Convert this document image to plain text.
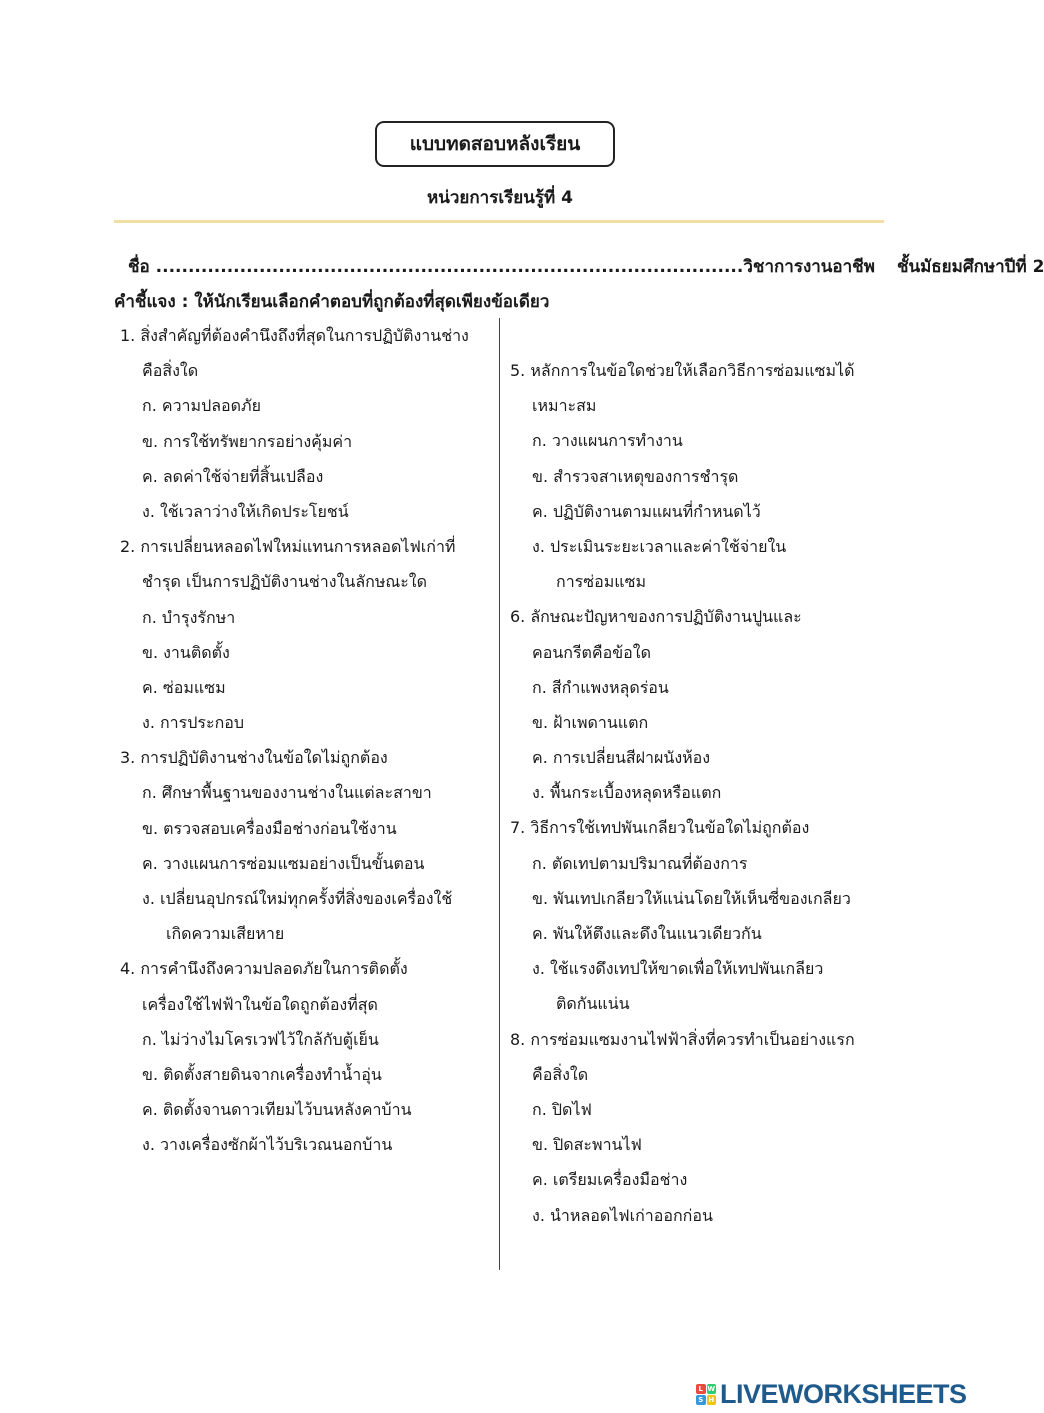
แบบทดสอบหลังเรียน
หน่วยการเรียนรู้ที่ 4
ชื่อ ...........................................................................................วิชาการงานอาชีพ ชั้นมัธยมศึกษาปีที่ 2
คำชี้แจง : ให้นักเรียนเลือกคำตอบที่ถูกต้องที่สุดเพียงข้อเดียว
1. สิ่งสำคัญที่ต้องคำนึงถึงที่สุดในการปฏิบัติงานช่าง
คือสิ่งใด
ก. ความปลอดภัย
ข. การใช้ทรัพยากรอย่างคุ้มค่า
ค. ลดค่าใช้จ่ายที่สิ้นเปลือง
ง. ใช้เวลาว่างให้เกิดประโยชน์
2. การเปลี่ยนหลอดไฟใหม่แทนการหลอดไฟเก่าที่
ชำรุด เป็นการปฏิบัติงานช่างในลักษณะใด
ก. บำรุงรักษา
ข. งานติดตั้ง
ค. ซ่อมแซม
ง. การประกอบ
3. การปฏิบัติงานช่างในข้อใดไม่ถูกต้อง
ก. ศึกษาพื้นฐานของงานช่างในแต่ละสาขา
ข. ตรวจสอบเครื่องมือช่างก่อนใช้งาน
ค. วางแผนการซ่อมแซมอย่างเป็นขั้นตอน
ง. เปลี่ยนอุปกรณ์ใหม่ทุกครั้งที่สิ่งของเครื่องใช้
เกิดความเสียหาย
4. การคำนึงถึงความปลอดภัยในการติดตั้ง
เครื่องใช้ไฟฟ้าในข้อใดถูกต้องที่สุด
ก. ไม่ว่างไมโครเวฟไว้ใกล้กับตู้เย็น
ข. ติดตั้งสายดินจากเครื่องทำน้ำอุ่น
ค. ติดตั้งจานดาวเทียมไว้บนหลังคาบ้าน
ง. วางเครื่องซักผ้าไว้บริเวณนอกบ้าน
5. หลักการในข้อใดช่วยให้เลือกวิธีการซ่อมแซมได้
เหมาะสม
ก. วางแผนการทำงาน
ข. สำรวจสาเหตุของการชำรุด
ค. ปฏิบัติงานตามแผนที่กำหนดไว้
ง. ประเมินระยะเวลาและค่าใช้จ่ายใน
การซ่อมแซม
6. ลักษณะปัญหาของการปฏิบัติงานปูนและ
คอนกรีตคือข้อใด
ก. สีกำแพงหลุดร่อน
ข. ฝ้าเพดานแตก
ค. การเปลี่ยนสีฝาผนังห้อง
ง. พื้นกระเบื้องหลุดหรือแตก
7. วิธีการใช้เทปพันเกลียวในข้อใดไม่ถูกต้อง
ก. ตัดเทปตามปริมาณที่ต้องการ
ข. พันเทปเกลียวให้แน่นโดยให้เห็นซี่ของเกลียว
ค. พันให้ตึงและดึงในแนวเดียวกัน
ง. ใช้แรงดึงเทปให้ขาดเพื่อให้เทปพันเกลียว
ติดกันแน่น
8. การซ่อมแซมงานไฟฟ้าสิ่งที่ควรทำเป็นอย่างแรก
คือสิ่งใด
ก. ปิดไฟ
ข. ปิดสะพานไฟ
ค. เตรียมเครื่องมือช่าง
ง. นำหลอดไฟเก่าออกก่อน
L W
S H LIVEWORKSHEETS
